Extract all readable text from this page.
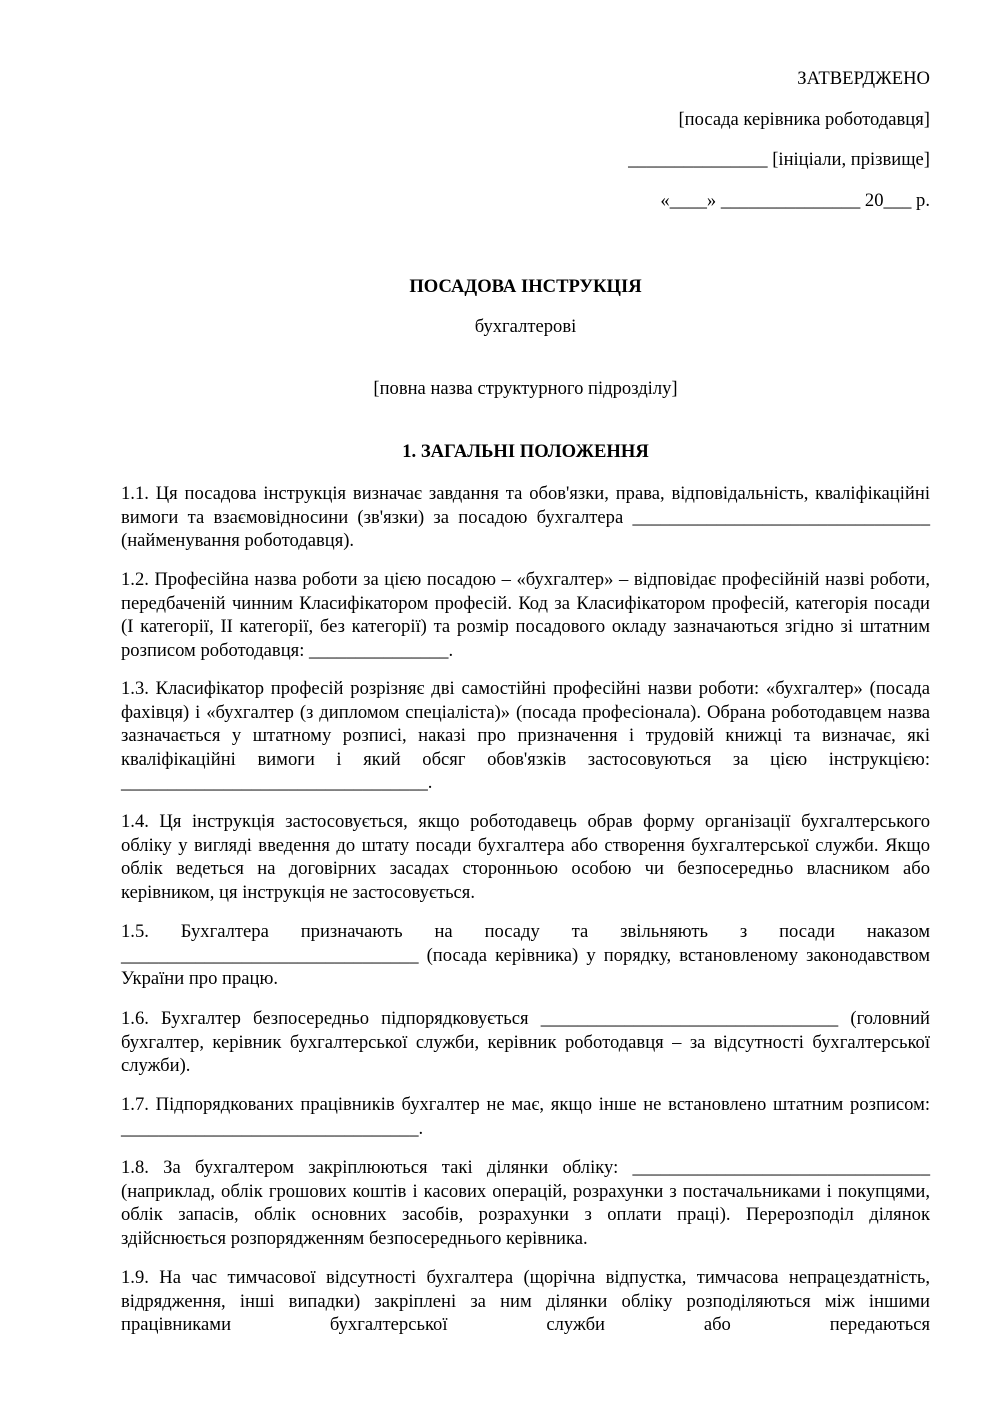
ЗАТВЕРДЖЕНО
[посада керівника роботодавця]
_______________ [ініціали, прізвище]
«____» _______________ 20___ р.
ПОСАДОВА ІНСТРУКЦІЯ
бухгалтерові
[повна назва структурного підрозділу]
1. ЗАГАЛЬНІ ПОЛОЖЕННЯ

1.1. Ця посадова інструкція визначає завдання та обов'язки, права, відповідальність, кваліфікаційні вимоги та взаємовідносини (зв'язки) за посадою бухгалтера ________________________________ (найменування роботодавця).

1.2. Професійна назва роботи за цією посадою – «бухгалтер» – відповідає професійній назві роботи, передбаченій чинним Класифікатором професій. Код за Класифікатором професій, категорія посади (I категорії, II категорії, без категорії) та розмір посадового окладу зазначаються згідно зі штатним розписом роботодавця: _______________.

1.3. Класифікатор професій розрізняє дві самостійні професійні назви роботи: «бухгалтер» (посада фахівця) і «бухгалтер (з дипломом спеціаліста)» (посада професіонала). Обрана роботодавцем назва зазначається у штатному розписі, наказі про призначення і трудовій книжці та визначає, які кваліфікаційні вимоги і який обсяг обов'язків застосовуються за цією інструкцією: _________________________________.

1.4. Ця інструкція застосовується, якщо роботодавець обрав форму організації бухгалтерського обліку у вигляді введення до штату посади бухгалтера або створення бухгалтерської служби. Якщо облік ведеться на договірних засадах сторонньою особою чи безпосередньо власником або керівником, ця інструкція не застосовується.

1.5. Бухгалтера призначають на посаду та звільняють з посади наказом ________________________________ (посада керівника) у порядку, встановленому законодавством України про працю.

1.6. Бухгалтер безпосередньо підпорядковується ________________________________ (головний бухгалтер, керівник бухгалтерської служби, керівник роботодавця – за відсутності бухгалтерської служби).

1.7. Підпорядкованих працівників бухгалтер не має, якщо інше не встановлено штатним розписом: ________________________________.

1.8. За бухгалтером закріплюються такі ділянки обліку: ________________________________ (наприклад, облік грошових коштів і касових операцій, розрахунки з постачальниками і покупцями, облік запасів, облік основних засобів, розрахунки з оплати праці). Перерозподіл ділянок здійснюється розпорядженням безпосереднього керівника.

1.9. На час тимчасової відсутності бухгалтера (щорічна відпустка, тимчасова непрацездатність, відрядження, інші випадки) закріплені за ним ділянки обліку розподіляються між іншими працівниками бухгалтерської служби або передаються
